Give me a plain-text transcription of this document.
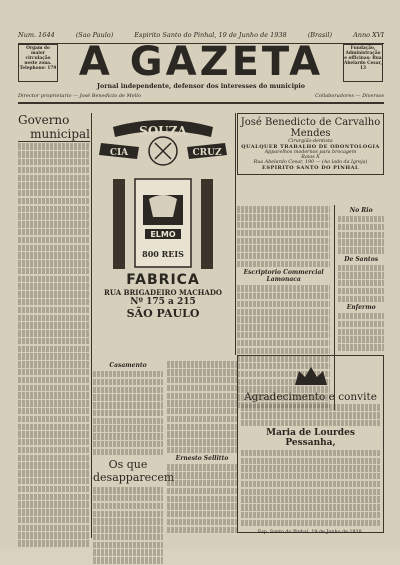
Num. 1644	(Sao Paulo)	Espirito Santo do Pinhal, 19 de Junho de 1938	(Brasil)	Anno XVI
Orgam do maior circulação neste zona. Telephone: 179 A GAZETA	Fundação, Administração e officinas: Rua Abelardo Cesar, 13
Jornal independente, defensor dos interesses do municipio
Director proprietario — José Benedicto de Mello	Collaboradores — Diversos
Governo
municipal	SOUZA
CIA	CRUZ
ELMO
800 REIS
FABRICA
RUA BRIGADEIRO MACHADO
Nº 175 a 215
SÃO PAULO
José Benedicto de Carvalho Mendes
Cirurgião-dentista
QUALQUER TRABALHO DE ODONTOLOGIA
Apparelhos modernos para brocagem
Raios X
Rua Abelardo Cesar, 190 — (Ao lado da Igreja)
ESPIRITO SANTO DO PINHAL
Escriptorio Commercial Lamonaca
No Rio
De Santos
Enfermo
Casamento
Os que desapparecem
Ernesto Sellitto
Agradecimento e convite
Maria de Lourdes Pessanha,
Esp. Santo do Pinhal, 19 de Junho de 1938.
